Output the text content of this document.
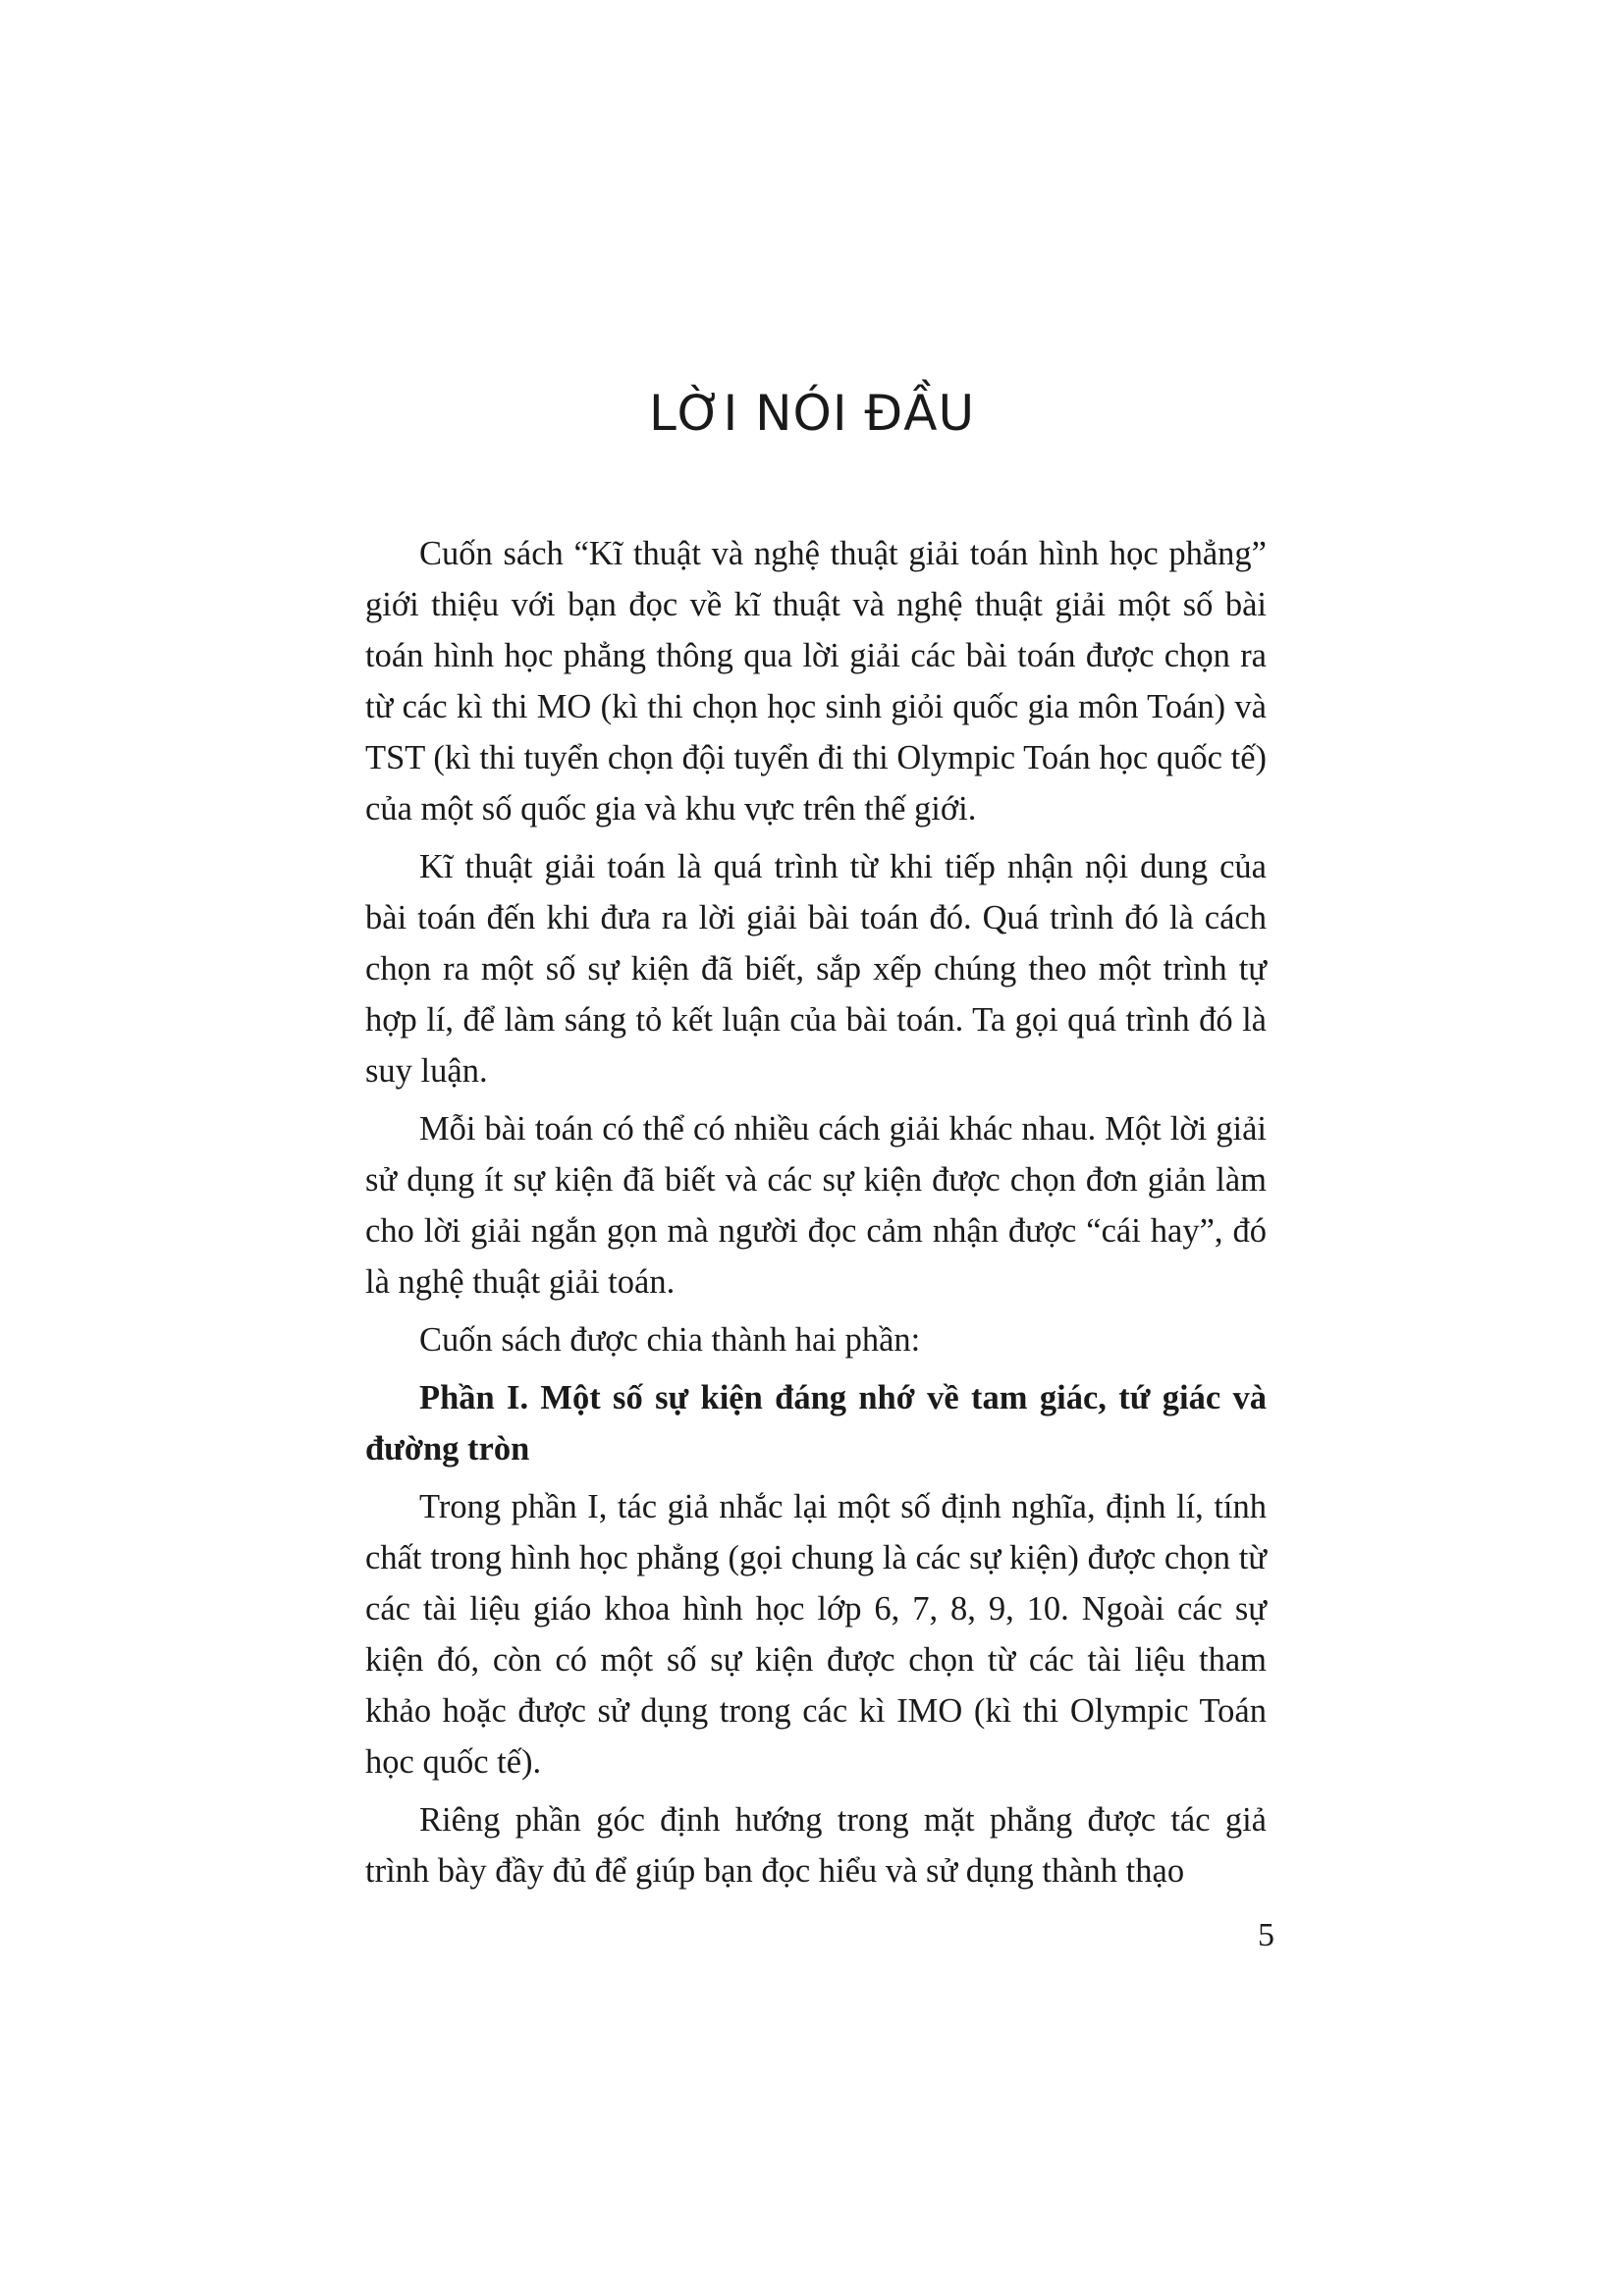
LỜI NÓI ĐẦU

Cuốn sách “Kĩ thuật và nghệ thuật giải toán hình học phẳng” giới thiệu với bạn đọc về kĩ thuật và nghệ thuật giải một số bài toán hình học phẳng thông qua lời giải các bài toán được chọn ra từ các kì thi MO (kì thi chọn học sinh giỏi quốc gia môn Toán) và TST (kì thi tuyển chọn đội tuyển đi thi Olympic Toán học quốc tế) của một số quốc gia và khu vực trên thế giới.

Kĩ thuật giải toán là quá trình từ khi tiếp nhận nội dung của bài toán đến khi đưa ra lời giải bài toán đó. Quá trình đó là cách chọn ra một số sự kiện đã biết, sắp xếp chúng theo một trình tự hợp lí, để làm sáng tỏ kết luận của bài toán. Ta gọi quá trình đó là suy luận.

Mỗi bài toán có thể có nhiều cách giải khác nhau. Một lời giải sử dụng ít sự kiện đã biết và các sự kiện được chọn đơn giản làm cho lời giải ngắn gọn mà người đọc cảm nhận được “cái hay”, đó là nghệ thuật giải toán.

Cuốn sách được chia thành hai phần:

Phần I. Một số sự kiện đáng nhớ về tam giác, tứ giác và đường tròn

Trong phần I, tác giả nhắc lại một số định nghĩa, định lí, tính chất trong hình học phẳng (gọi chung là các sự kiện) được chọn từ các tài liệu giáo khoa hình học lớp 6, 7, 8, 9, 10. Ngoài các sự kiện đó, còn có một số sự kiện được chọn từ các tài liệu tham khảo hoặc được sử dụng trong các kì IMO (kì thi Olympic Toán học quốc tế).

Riêng phần góc định hướng trong mặt phẳng được tác giả trình bày đầy đủ để giúp bạn đọc hiểu và sử dụng thành thạo

5
